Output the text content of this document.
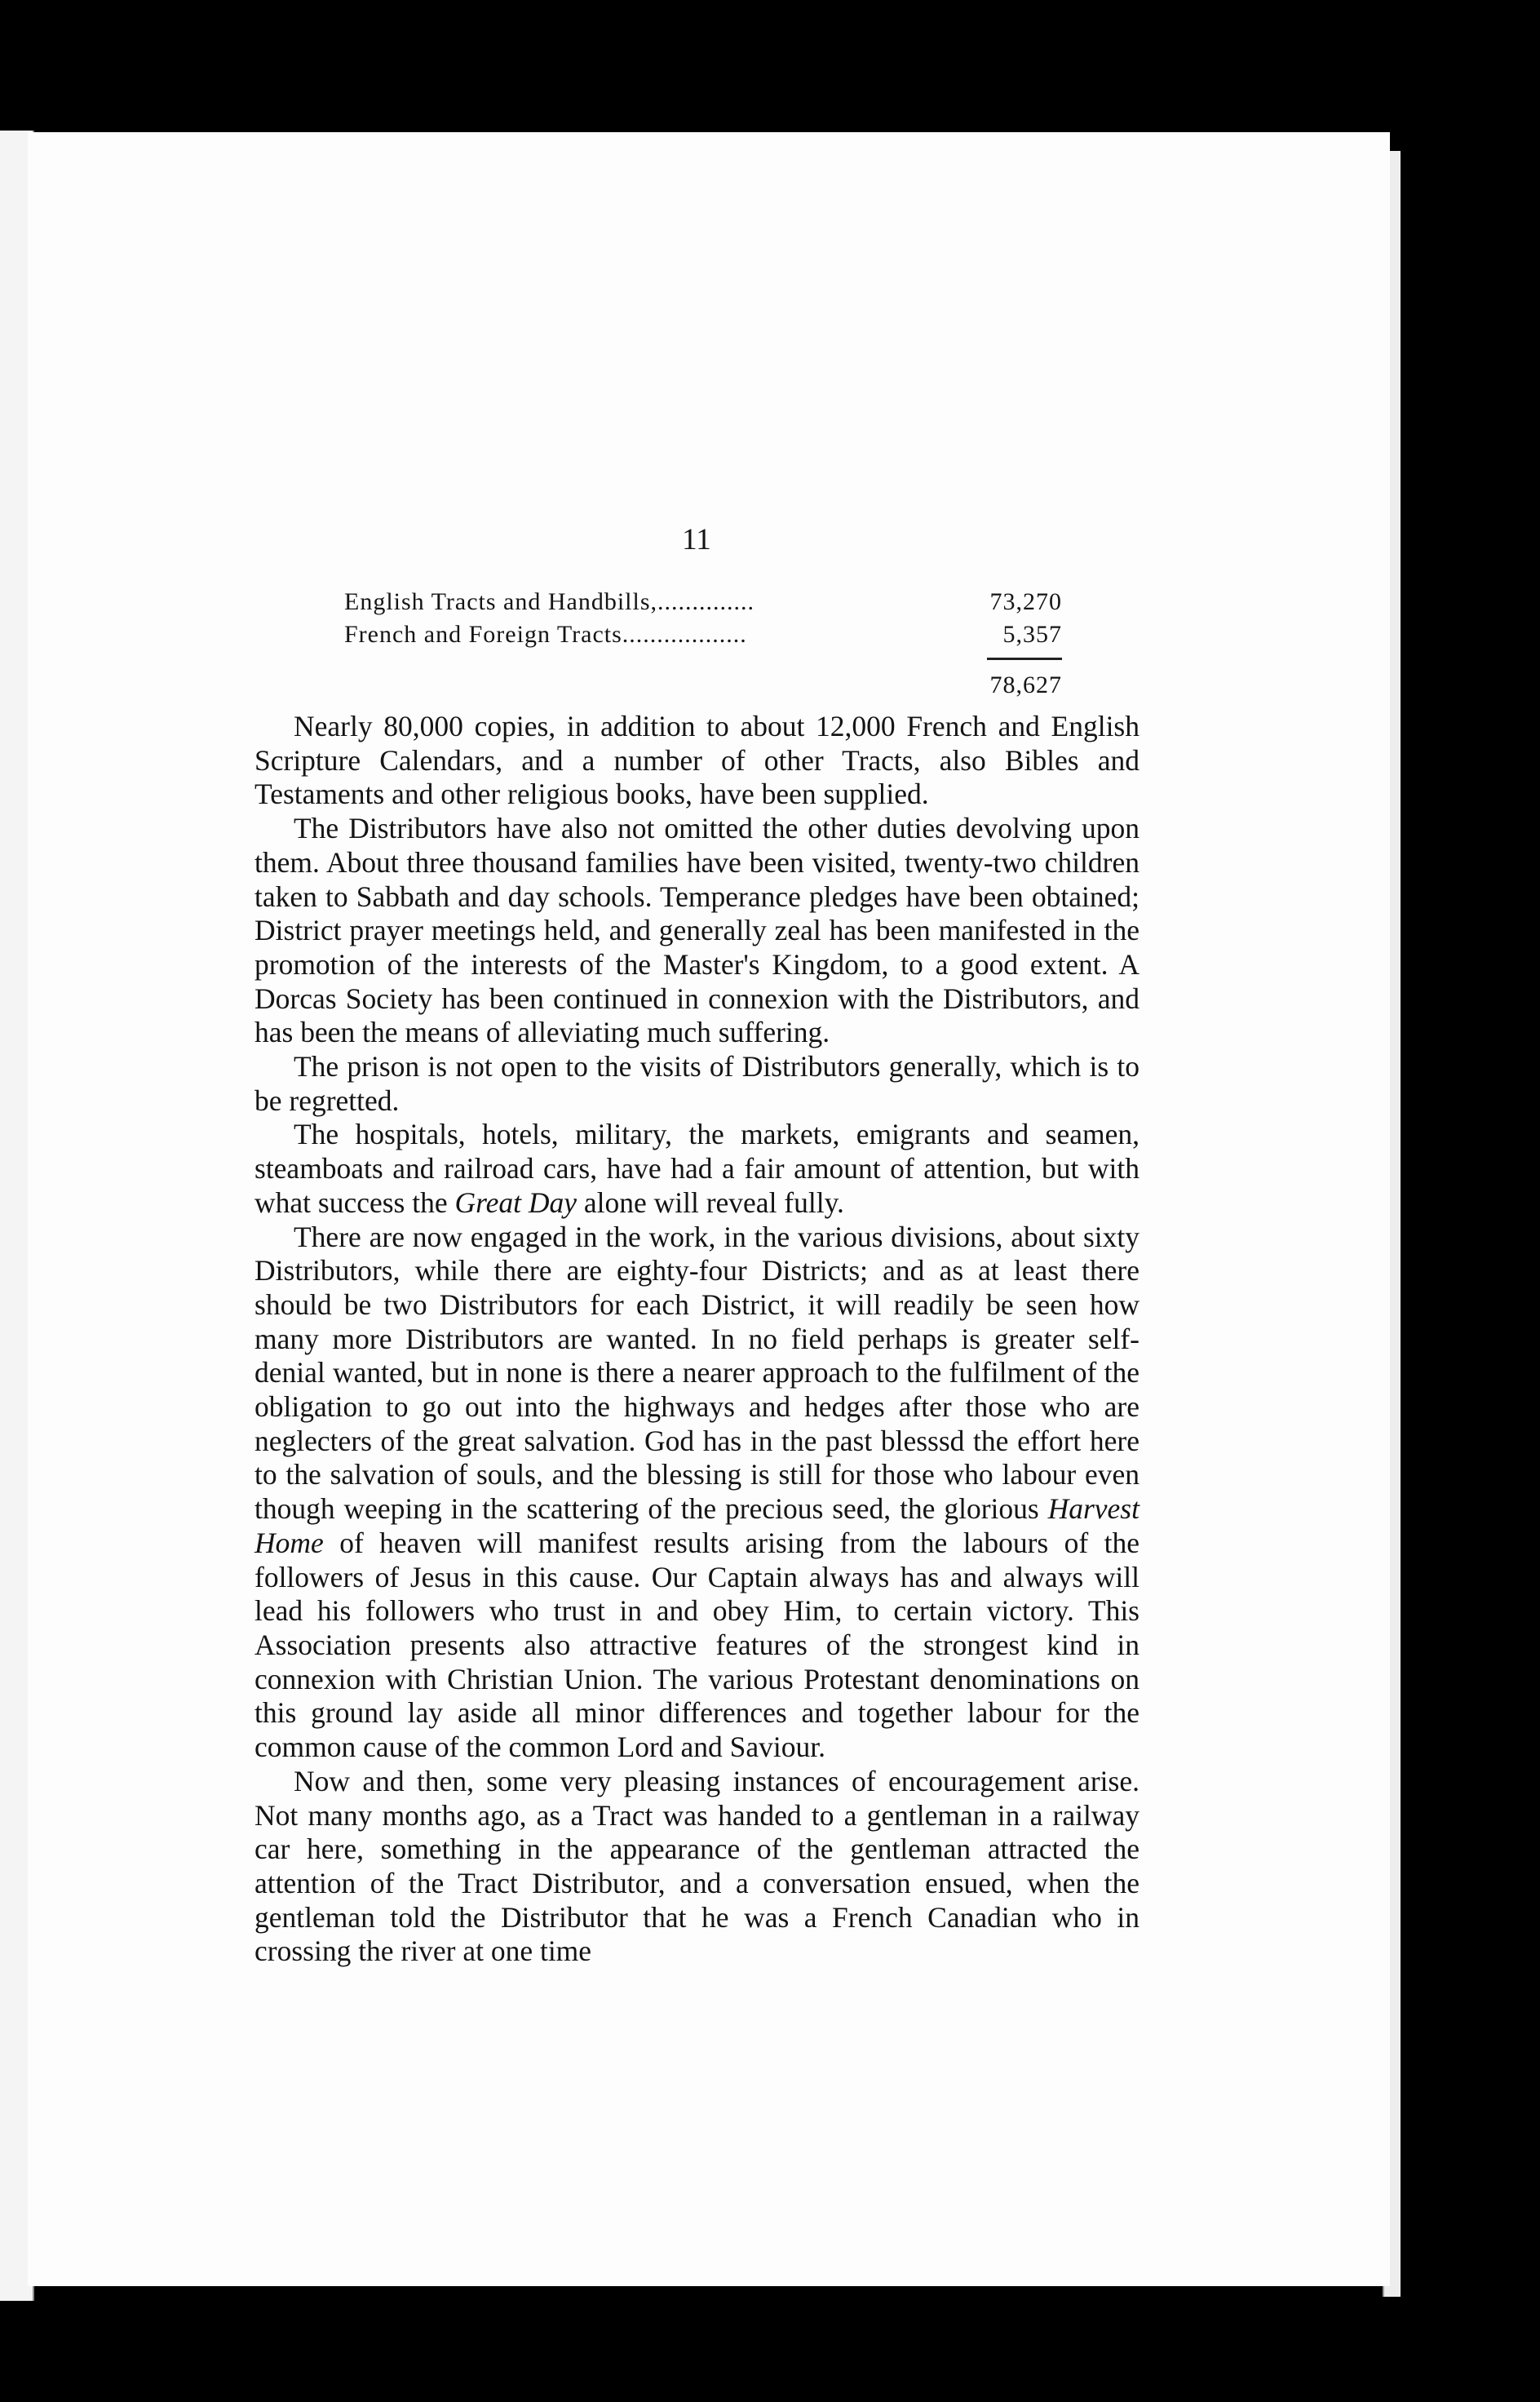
11
English Tracts and Handbills,..............	73,270
French and Foreign Tracts..................	5,357
78,627

Nearly 80,000 copies, in addition to about 12,000 French and English Scripture Calendars, and a number of other Tracts, also Bibles and Testaments and other religious books, have been supplied.

The Distributors have also not omitted the other duties devolving upon them. About three thousand families have been visited, twenty-two children taken to Sabbath and day schools. Temperance pledges have been obtained; District prayer meetings held, and generally zeal has been manifested in the promotion of the interests of the Master's Kingdom, to a good extent. A Dorcas Society has been continued in connexion with the Distributors, and has been the means of alleviating much suffering.

The prison is not open to the visits of Distributors generally, which is to be regretted.

The hospitals, hotels, military, the markets, emigrants and seamen, steamboats and railroad cars, have had a fair amount of attention, but with what success the Great Day alone will reveal fully.

There are now engaged in the work, in the various divisions, about sixty Distributors, while there are eighty-four Districts; and as at least there should be two Distributors for each District, it will readily be seen how many more Distributors are wanted. In no field perhaps is greater self-denial wanted, but in none is there a nearer approach to the fulfilment of the obligation to go out into the highways and hedges after those who are neglecters of the great salvation. God has in the past blesssd the effort here to the salvation of souls, and the blessing is still for those who labour even though weeping in the scattering of the precious seed, the glorious Harvest Home of heaven will manifest results arising from the labours of the followers of Jesus in this cause. Our Captain always has and always will lead his followers who trust in and obey Him, to certain victory. This Association presents also attractive features of the strongest kind in connexion with Christian Union. The various Protestant denominations on this ground lay aside all minor differences and together labour for the common cause of the common Lord and Saviour.

Now and then, some very pleasing instances of encouragement arise. Not many months ago, as a Tract was handed to a gentleman in a railway car here, something in the appearance of the gentleman attracted the attention of the Tract Distributor, and a conversation ensued, when the gentleman told the Distributor that he was a French Canadian who in crossing the river at one time
